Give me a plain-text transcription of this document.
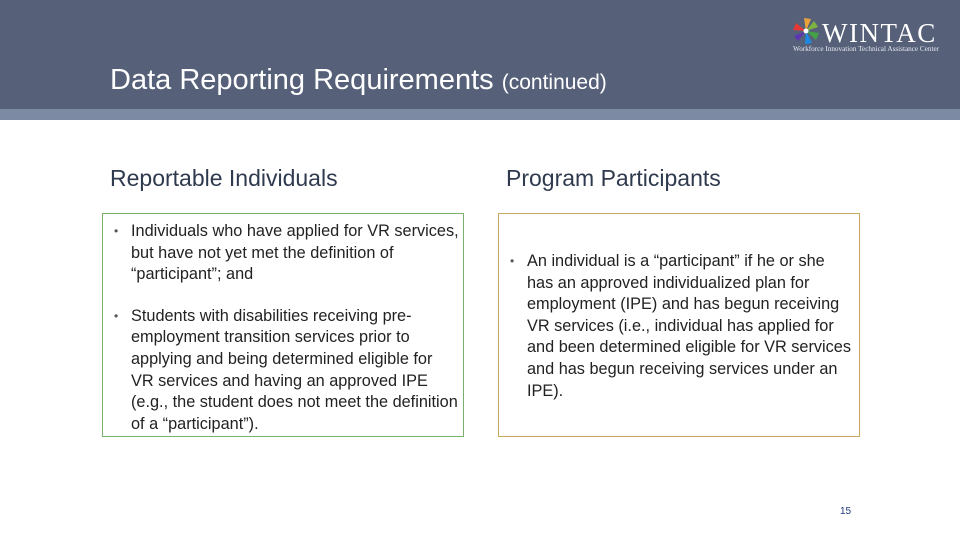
Data Reporting Requirements (continued)
WINTAC
Workforce Innovation Technical Assistance Center
Reportable Individuals	Program Participants
• Individuals who have applied for VR services, but have not yet met the definition of “participant”; and
• Students with disabilities receiving pre-employment transition services prior to applying and being determined eligible for VR services and having an approved IPE (e.g., the student does not meet the definition of a “participant”).
• An individual is a “participant” if he or she has an approved individualized plan for employment (IPE) and has begun receiving VR services (i.e., individual has applied for and been determined eligible for VR services and has begun receiving services under an IPE).
15
